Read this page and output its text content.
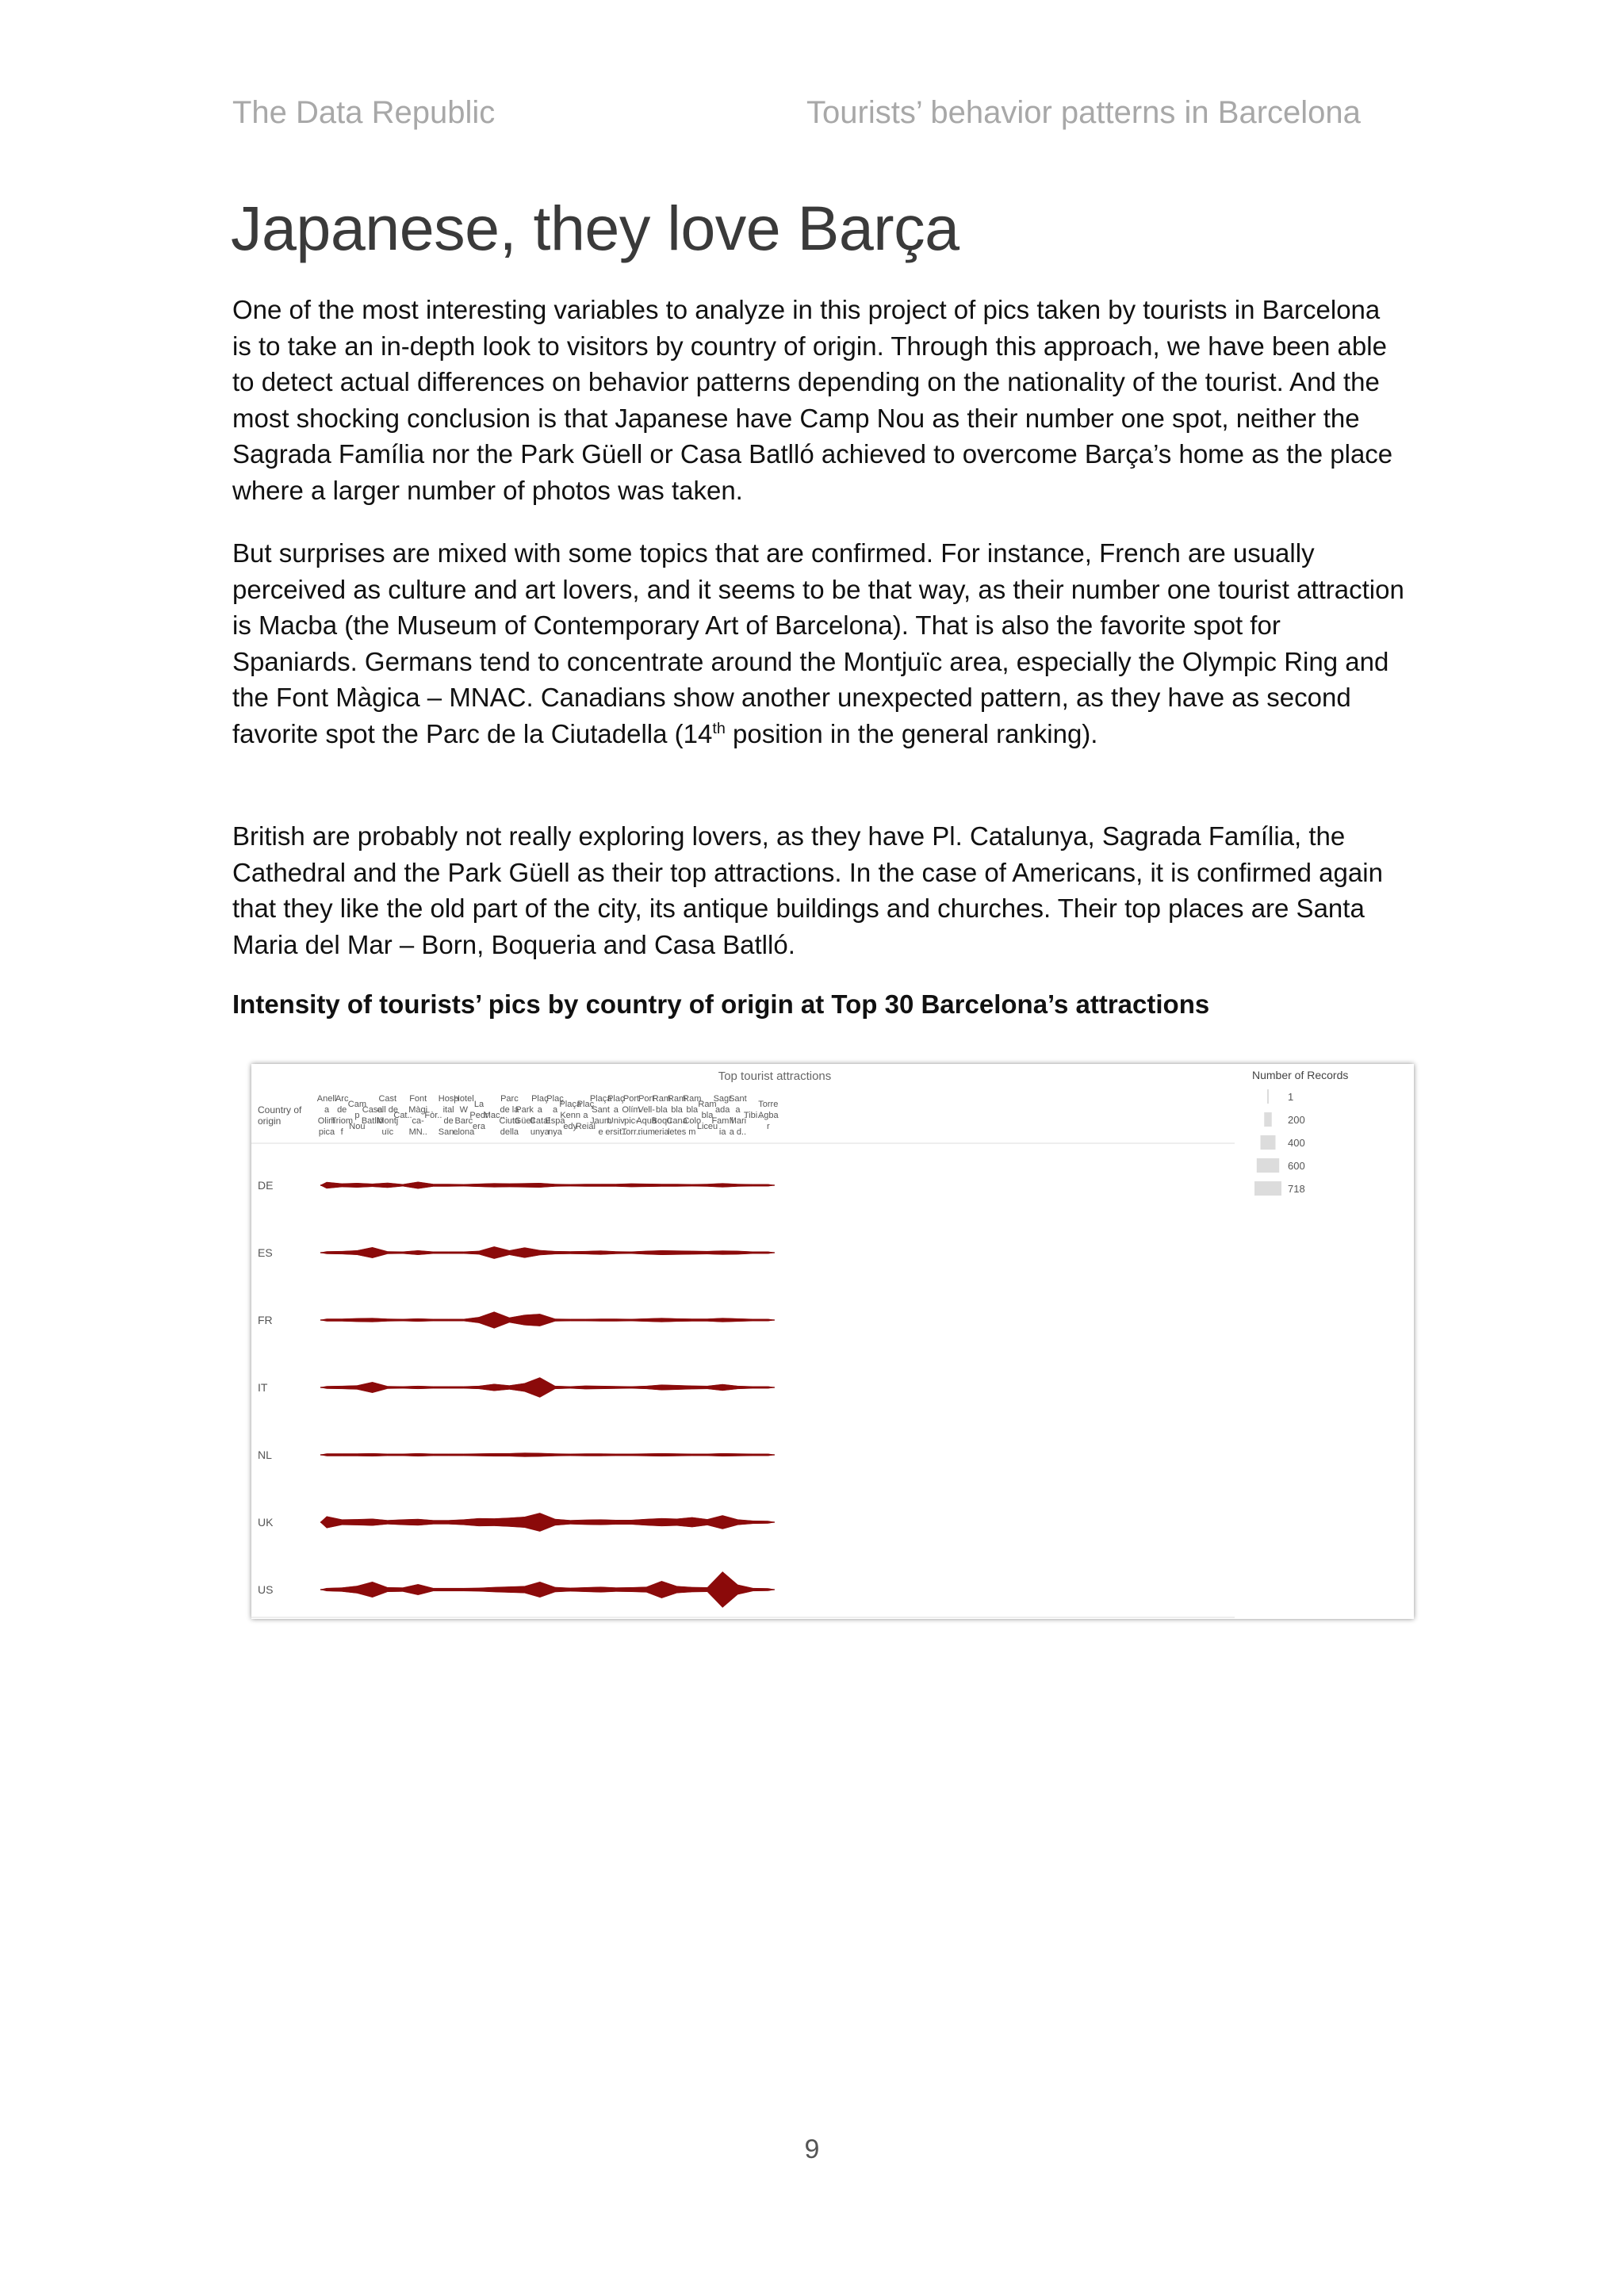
The Data Republic	Tourists’ behavior patterns in Barcelona
Japanese, they love Barça

One of the most interesting variables to analyze in this project of pics taken by tourists in Barcelona is to take an in-depth look to visitors by country of origin. Through this approach, we have been able to detect actual differences on behavior patterns depending on the nationality of the tourist. And the most shocking conclusion is that Japanese have Camp Nou as their number one spot, neither the Sagrada Família nor the Park Güell or Casa Batlló achieved to overcome Barça’s home as the place where a larger number of photos was taken.

But surprises are mixed with some topics that are confirmed. For instance, French are usually perceived as culture and art lovers, and it seems to be that way, as their number one tourist attraction is Macba (the Museum of Contemporary Art of Barcelona). That is also the favorite spot for Spaniards. Germans tend to concentrate around the Montjuïc area, especially the Olympic Ring and the Font Màgica – MNAC. Canadians show another unexpected pattern, as they have as second favorite spot the Parc de la Ciutadella (14th position in the general ranking).

British are probably not really exploring lovers, as they have Pl. Catalunya, Sagrada Família, the Cathedral and the Park Güell as their top attractions. In the case of Americans, it is confirmed again that they like the old part of the city, its antique buildings and churches. Their top places are Santa Maria del Mar – Born, Boqueria and Casa Batlló.

Intensity of tourists’ pics by country of origin at Top 30 Barcelona’s attractions

Top tourist attractions
Country of
origin
Anell
a
Olim
pica
Arc
de
Triom
f
Cam
p
Nou
Casa
Batlló
Cast
ell de
Montj
uïc
Cat..
Font
Màgi
ca-
MN..
Fòr..
Hosp
ital
de
San..
Hotel
W
Barc
elona
La
Pedr
era
Mac..
Parc
de la
Ciuta
della
Park
Güell
Plaç
a
Catal
unya
Plaç
a
Espa
nya
Plaça
Kenn
edy
Plaç
a
Reial
Plaça
Sant
Jaum
e
Plaç
a
Univ
ersit..
Port
Olím
pic-
Torr..
Port
Vell-
Aquà
rium
Ram
bla
Boqu
eria
Ram
bla
Cana
letes
Ram
bla
Colo
m
Ram
bla
Liceu
Sagr
ada
Famíl
ia
Sant
a
Mari
a d..
Tibi..
Torre
Agba
r
DE
ES
FR
IT
NL
UK
US
Number of Records
1
200
400
600
718
9
